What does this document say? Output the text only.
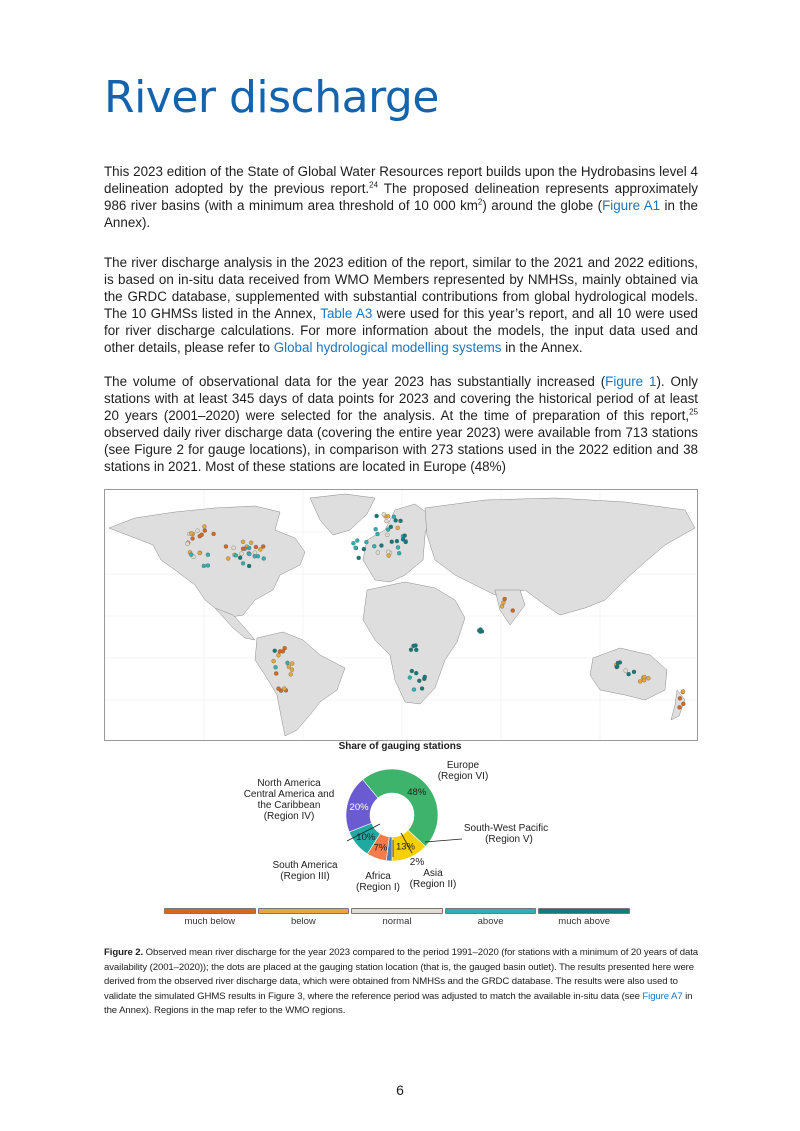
River discharge

This 2023 edition of the State of Global Water Resources report builds upon the Hydrobasins level 4 delineation adopted by the previous report.$^{24}$ The proposed delineation represents approximately 986 river basins (with a minimum area threshold of 10 000 $km^2$) around the globe (Figure A1 in the Annex).

The river discharge analysis in the 2023 edition of the report, similar to the 2021 and 2022 editions, is based on in-situ data received from WMO Members represented by NMHSs, mainly obtained via the GRDC database, supplemented with substantial contributions from global hydrological models. The 10 GHMSs listed in the Annex, Table A3 were used for this year’s report, and all 10 were used for river discharge calculations. For more information about the models, the input data used and other details, please refer to Global hydrological modelling systems in the Annex.

The volume of observational data for the year 2023 has substantially increased (Figure 1). Only stations with at least 345 days of data points for 2023 and covering the historical period of at least 20 years (2001–2020) were selected for the analysis. At the time of preparation of this report,$^{25}$ observed daily river discharge data (covering the entire year 2023) were available from 713 stations (see Figure 2 for gauge locations), in comparison with 273 stations used in the 2022 edition and 38 stations in 2021. Most of these stations are located in Europe (48%)

Share of gauging stations
48%
13%
7%
10%
20%
Europe
(Region VI)
North America
Central America and
the Caribbean
(Region IV)
South-West Pacific
(Region V)
2%
Asia
(Region II)
South America
(Region III)	Africa
(Region I)
much below	below	normal	above	much above

Figure 2. Observed mean river discharge for the year 2023 compared to the period 1991–2020 (for stations with a minimum of 20 years of data availability (2001–2020)); the dots are placed at the gauging station location (that is, the gauged basin outlet). The results presented here were derived from the observed river discharge data, which were obtained from NMHSs and the GRDC database. The results were also used to validate the simulated GHMS results in Figure 3, where the reference period was adjusted to match the available in-situ data (see Figure A7 in the Annex). Regions in the map refer to the WMO regions.

6
